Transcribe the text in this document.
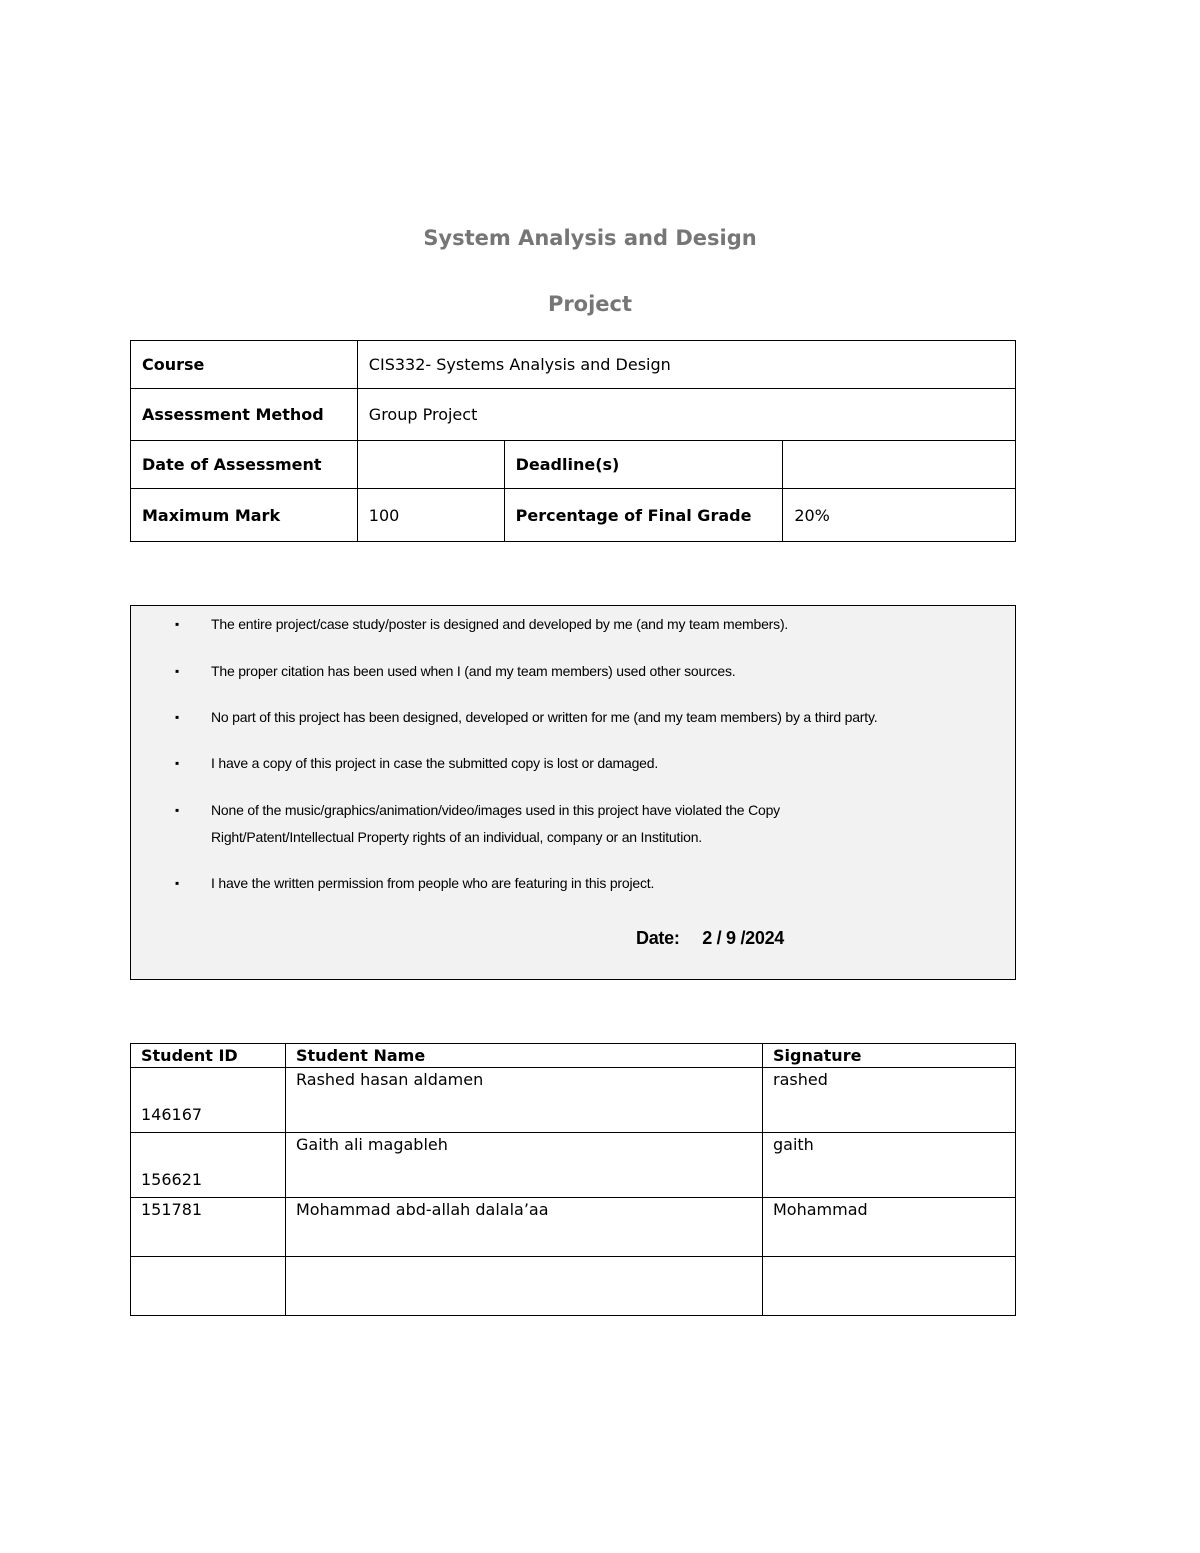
System Analysis and Design
Project
Course	CIS332- Systems Analysis and Design		
Assessment Method	Group Project		
Date of Assessment		Deadline(s)	
Maximum Mark	100	Percentage of Final Grade	20%
▪ The entire project/case study/poster is designed and developed by me (and my team members).
▪ The proper citation has been used when I (and my team members) used other sources.
▪ No part of this project has been designed, developed or written for me (and my team members) by a third party.
▪ I have a copy of this project in case the submitted copy is lost or damaged.
▪ None of the music/graphics/animation/video/images used in this project have violated the Copy Right/Patent/Intellectual Property rights of an individual, company or an Institution.
▪ I have the written permission from people who are featuring in this project.
Date: 2 / 9 /2024
Student ID	Student Name	Signature
146167	Rashed hasan aldamen	rashed
156621	Gaith ali magableh	gaith
151781	Mohammad abd-allah dalala’aa	Mohammad
